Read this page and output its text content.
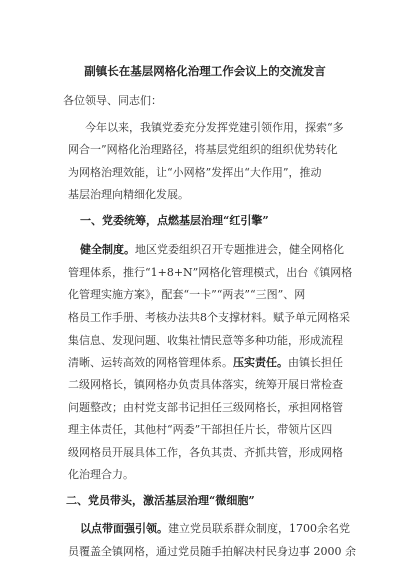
副镇长在基层网格化治理工作会议上的交流发言
各位领导、同志们：
今年以来，我镇党委充分发挥党建引领作用，探索“多
网合一”网格化治理路径，将基层党组织的组织优势转化
为网格治理效能，让“小网格”发挥出“大作用”，推动
基层治理向精细化发展。
一、党委统筹，点燃基层治理“红引擎”
健全制度。地区党委组织召开专题推进会，健全网格化
管理体系，推行“1+8+N”网格化管理模式，出台《镇网格
化管理实施方案》，配套“一卡”“两表”“三图”、网
格员工作手册、考核办法共8个支撑材料。赋予单元网格采
集信息、发现问题、收集社情民意等多种功能，形成流程
清晰、运转高效的网格管理体系。压实责任。由镇长担任
二级网格长，镇网格办负责具体落实，统筹开展日常检查
问题整改；由村党支部书记担任三级网格长，承担网格管
理主体责任，其他村“两委”干部担任片长，带领片区四
级网格员开展具体工作，各负其责、齐抓共管，形成网格
化治理合力。
二、党员带头，激活基层治理“微细胞”
以点带面强引领。建立党员联系群众制度，1700余名党
员覆盖全镇网格，通过党员随手拍解决村民身边事 2000 余
